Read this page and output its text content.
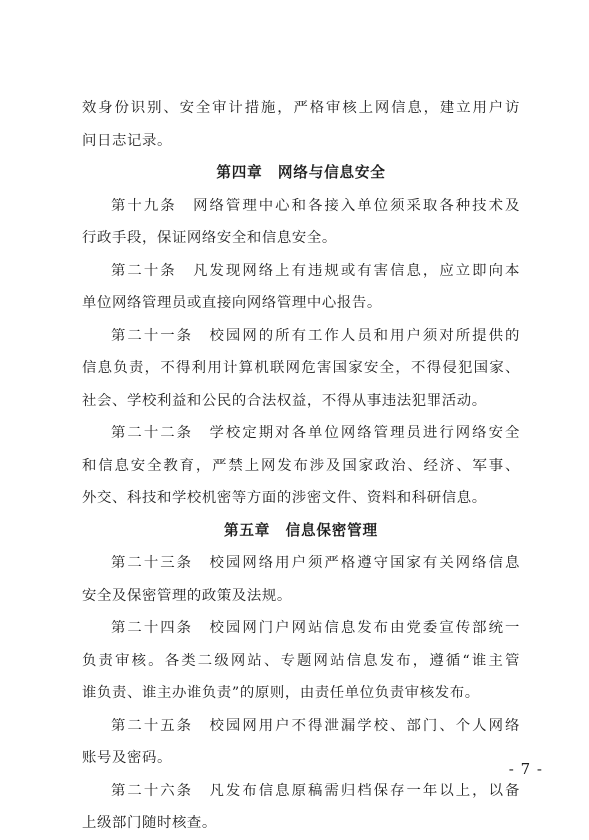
效身份识别、安全审计措施，严格审核上网信息，建立用户访
问日志记录。
第四章　网络与信息安全
第十九条　网络管理中心和各接入单位须采取各种技术及
行政手段，保证网络安全和信息安全。
第二十条　凡发现网络上有违规或有害信息，应立即向本
单位网络管理员或直接向网络管理中心报告。
第二十一条　校园网的所有工作人员和用户须对所提供的
信息负责，不得利用计算机联网危害国家安全，不得侵犯国家、
社会、学校利益和公民的合法权益，不得从事违法犯罪活动。
第二十二条　学校定期对各单位网络管理员进行网络安全
和信息安全教育，严禁上网发布涉及国家政治、经济、军事、
外交、科技和学校机密等方面的涉密文件、资料和科研信息。
第五章　信息保密管理
第二十三条　校园网络用户须严格遵守国家有关网络信息
安全及保密管理的政策及法规。
第二十四条　校园网门户网站信息发布由党委宣传部统一
负责审核。各类二级网站、专题网站信息发布，遵循“谁主管
谁负责、谁主办谁负责”的原则，由责任单位负责审核发布。
第二十五条　校园网用户不得泄漏学校、部门、个人网络
账号及密码。
第二十六条　凡发布信息原稿需归档保存一年以上，以备
上级部门随时核查。
- 7 -
